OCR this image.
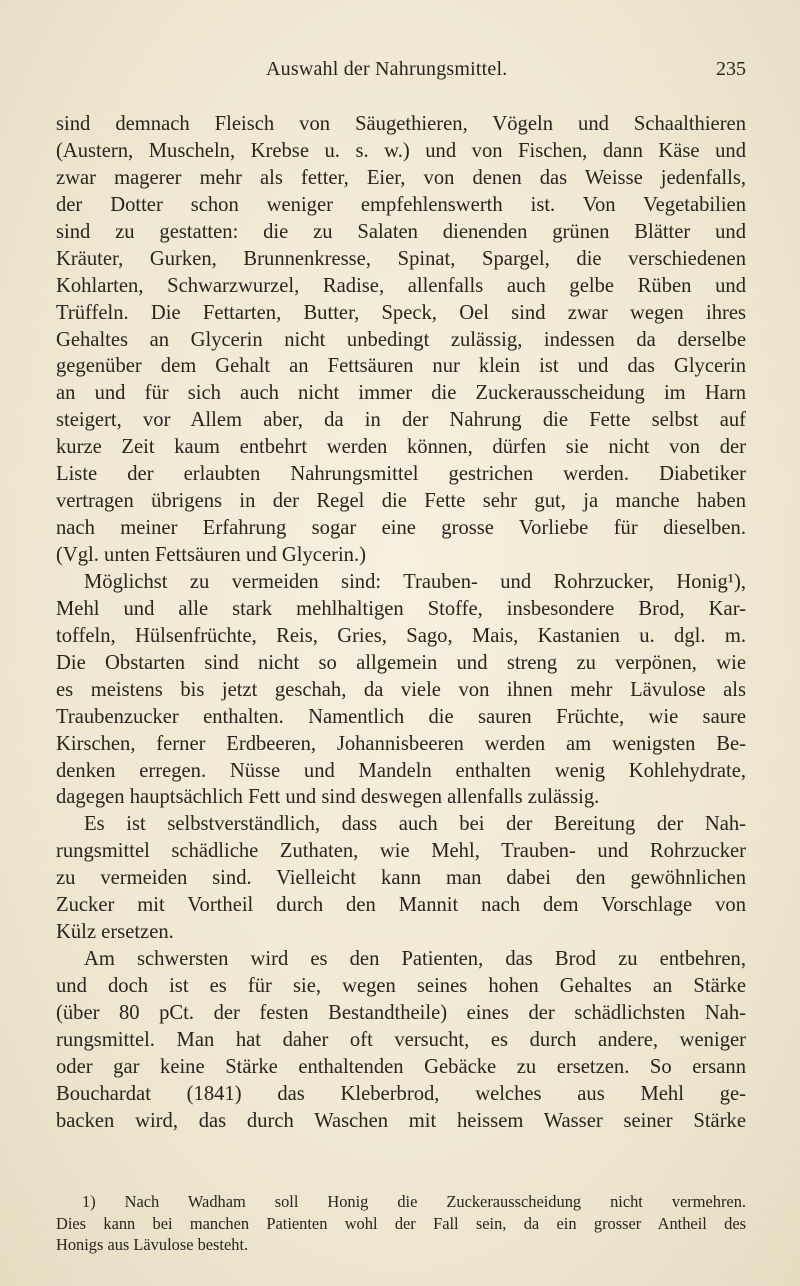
Auswahl der Nahrungsmittel.	235
sind demnach Fleisch von Säugethieren, Vögeln und Schaalthieren
(Austern, Muscheln, Krebse u. s. w.) und von Fischen, dann Käse und
zwar magerer mehr als fetter, Eier, von denen das Weisse jedenfalls,
der Dotter schon weniger empfehlenswerth ist. Von Vegetabilien
sind zu gestatten: die zu Salaten dienenden grünen Blätter und
Kräuter, Gurken, Brunnenkresse, Spinat, Spargel, die verschiedenen
Kohlarten, Schwarzwurzel, Radise, allenfalls auch gelbe Rüben und
Trüffeln. Die Fettarten, Butter, Speck, Oel sind zwar wegen ihres
Gehaltes an Glycerin nicht unbedingt zulässig, indessen da derselbe
gegenüber dem Gehalt an Fettsäuren nur klein ist und das Glycerin
an und für sich auch nicht immer die Zuckerausscheidung im Harn
steigert, vor Allem aber, da in der Nahrung die Fette selbst auf
kurze Zeit kaum entbehrt werden können, dürfen sie nicht von der
Liste der erlaubten Nahrungsmittel gestrichen werden. Diabetiker
vertragen übrigens in der Regel die Fette sehr gut, ja manche haben
nach meiner Erfahrung sogar eine grosse Vorliebe für dieselben.
(Vgl. unten Fettsäuren und Glycerin.)
Möglichst zu vermeiden sind: Trauben- und Rohrzucker, Honig¹),
Mehl und alle stark mehlhaltigen Stoffe, insbesondere Brod, Kar-
toffeln, Hülsenfrüchte, Reis, Gries, Sago, Mais, Kastanien u. dgl. m.
Die Obstarten sind nicht so allgemein und streng zu verpönen, wie
es meistens bis jetzt geschah, da viele von ihnen mehr Lävulose als
Traubenzucker enthalten. Namentlich die sauren Früchte, wie saure
Kirschen, ferner Erdbeeren, Johannisbeeren werden am wenigsten Be-
denken erregen. Nüsse und Mandeln enthalten wenig Kohlehydrate,
dagegen hauptsächlich Fett und sind deswegen allenfalls zulässig.
Es ist selbstverständlich, dass auch bei der Bereitung der Nah-
rungsmittel schädliche Zuthaten, wie Mehl, Trauben- und Rohrzucker
zu vermeiden sind. Vielleicht kann man dabei den gewöhnlichen
Zucker mit Vortheil durch den Mannit nach dem Vorschlage von
Külz ersetzen.
Am schwersten wird es den Patienten, das Brod zu entbehren,
und doch ist es für sie, wegen seines hohen Gehaltes an Stärke
(über 80 pCt. der festen Bestandtheile) eines der schädlichsten Nah-
rungsmittel. Man hat daher oft versucht, es durch andere, weniger
oder gar keine Stärke enthaltenden Gebäcke zu ersetzen. So ersann
Bouchardat (1841) das Kleberbrod, welches aus Mehl ge-
backen wird, das durch Waschen mit heissem Wasser seiner Stärke
1) Nach Wadham soll Honig die Zuckerausscheidung nicht vermehren.
Dies kann bei manchen Patienten wohl der Fall sein, da ein grosser Antheil des
Honigs aus Lävulose besteht.
